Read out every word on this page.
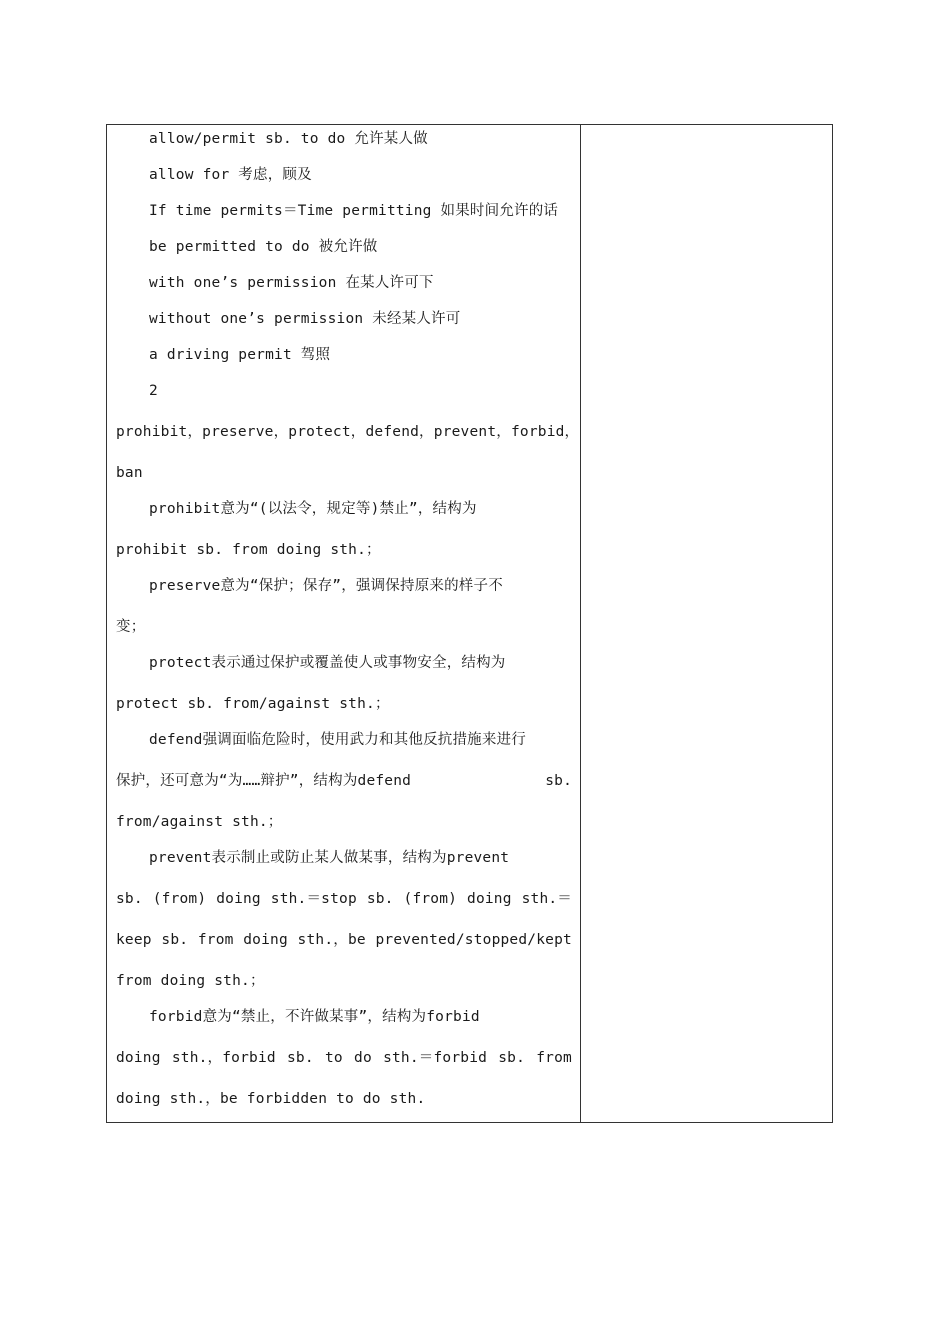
allow/permit sb. to do 允许某人做
allow for 考虑，顾及
If time permits＝Time permitting 如果时间允许的话
be permitted to do 被允许做
with one’s permission 在某人许可下
without one’s permission 未经某人许可
a driving permit 驾照
2
prohibit，preserve，protect，defend，prevent，forbid，
ban
prohibit意为“(以法令，规定等)禁止”，结构为
prohibit sb. from doing sth.；
preserve意为“保护；保存”，强调保持原来的样子不
变；
protect表示通过保护或覆盖使人或事物安全，结构为
protect sb. from/against sth.；
defend强调面临危险时，使用武力和其他反抗措施来进行
保护，还可意为“为……辩护”，结构为defend	sb.
from/against sth.；
prevent表示制止或防止某人做某事，结构为prevent
sb. (from) doing sth.＝stop sb. (from) doing sth.＝
keep sb. from doing sth.，be prevented/stopped/kept
from doing sth.；
forbid意为“禁止，不许做某事”，结构为forbid
doing sth.，forbid sb. to do sth.＝forbid sb. from
doing sth.，be forbidden to do sth.
